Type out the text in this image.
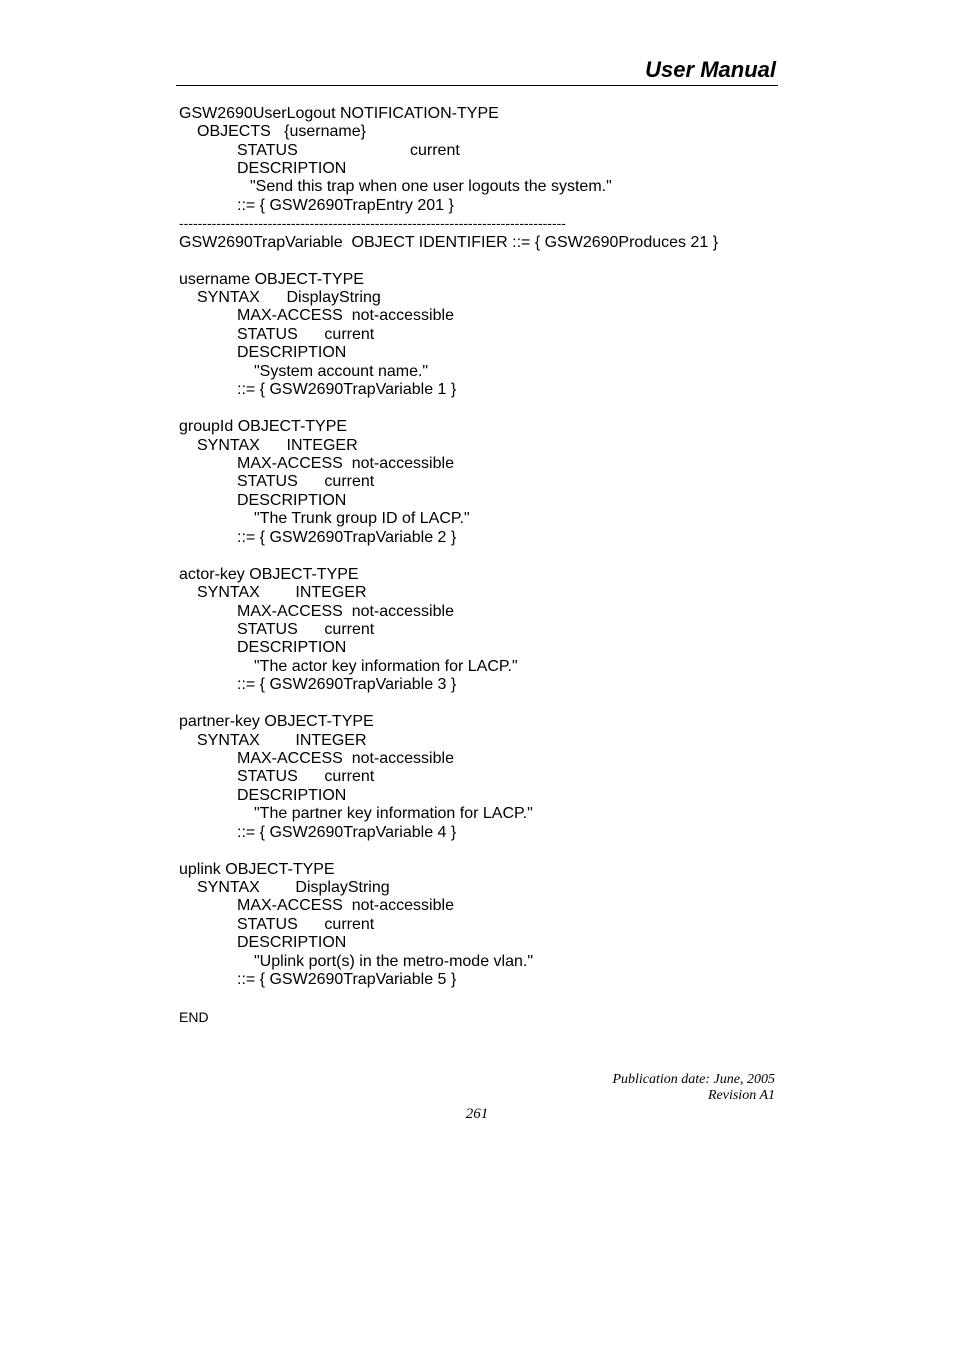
User Manual
GSW2690UserLogout NOTIFICATION-TYPE
OBJECTS   {username}
STATUS	current
DESCRIPTION
"Send this trap when one user logouts the system."
::= { GSW2690TrapEntry 201 }
-----------------------------------------------------------------------------------
GSW2690TrapVariable  OBJECT IDENTIFIER ::= { GSW2690Produces 21 }
username OBJECT-TYPE
SYNTAX      DisplayString
MAX-ACCESS  not-accessible
STATUS      current
DESCRIPTION
"System account name."
::= { GSW2690TrapVariable 1 }
groupId OBJECT-TYPE
SYNTAX      INTEGER
MAX-ACCESS  not-accessible
STATUS      current
DESCRIPTION
"The Trunk group ID of LACP."
::= { GSW2690TrapVariable 2 }
actor-key OBJECT-TYPE
SYNTAX        INTEGER
MAX-ACCESS  not-accessible
STATUS      current
DESCRIPTION
"The actor key information for LACP."
::= { GSW2690TrapVariable 3 }
partner-key OBJECT-TYPE
SYNTAX        INTEGER
MAX-ACCESS  not-accessible
STATUS      current
DESCRIPTION
"The partner key information for LACP."
::= { GSW2690TrapVariable 4 }
uplink OBJECT-TYPE
SYNTAX        DisplayString
MAX-ACCESS  not-accessible
STATUS      current
DESCRIPTION
"Uplink port(s) in the metro-mode vlan."
::= { GSW2690TrapVariable 5 }
END
Publication date: June, 2005
Revision A1
261
